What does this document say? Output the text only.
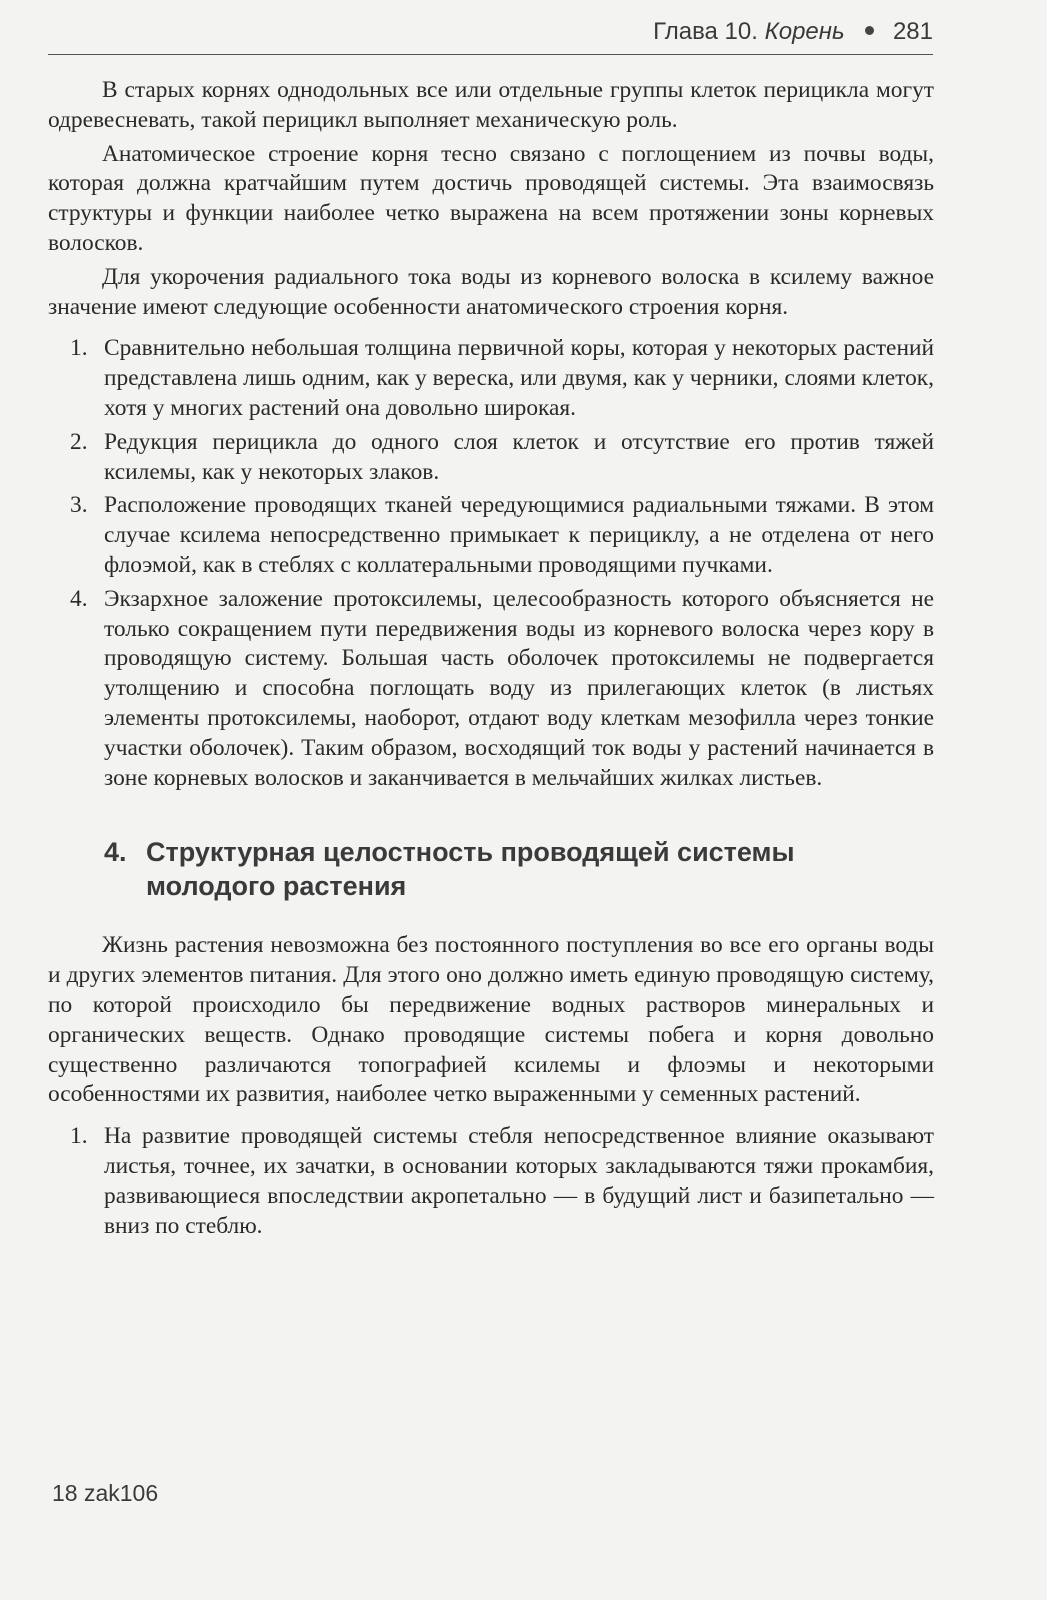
Глава 10. Корень 281

В старых корнях однодольных все или отдельные группы клеток перицикла могут одревесневать, такой перицикл выполняет механическую роль.

Анатомическое строение корня тесно связано с поглощением из почвы воды, которая должна кратчайшим путем достичь проводящей системы. Эта взаимосвязь структуры и функции наиболее четко выражена на всем протяжении зоны корневых волосков.

Для укорочения радиального тока воды из корневого волоска в ксилему важное значение имеют следующие особенности анатомического строения корня.

1. Сравнительно небольшая толщина первичной коры, которая у некоторых растений представлена лишь одним, как у вереска, или двумя, как у черники, слоями клеток, хотя у многих растений она довольно широкая.
2. Редукция перицикла до одного слоя клеток и отсутствие его против тяжей ксилемы, как у некоторых злаков.
3. Расположение проводящих тканей чередующимися радиальными тяжами. В этом случае ксилема непосредственно примыкает к перициклу, а не отделена от него флоэмой, как в стеблях с коллатеральными проводящими пучками.
4. Экзархное заложение протоксилемы, целесообразность которого объясняется не только сокращением пути передвижения воды из корневого волоска через кору в проводящую систему. Большая часть оболочек протоксилемы не подвергается утолщению и способна поглощать воду из прилегающих клеток (в листьях элементы протоксилемы, наоборот, отдают воду клеткам мезофилла через тонкие участки оболочек). Таким образом, восходящий ток воды у растений начинается в зоне корневых волосков и заканчивается в мельчайших жилках листьев.
4. Структурная целостность проводящей системы молодого растения

Жизнь растения невозможна без постоянного поступления во все его органы воды и других элементов питания. Для этого оно должно иметь единую проводящую систему, по которой происходило бы передвижение водных растворов минеральных и органических веществ. Однако проводящие системы побега и корня довольно существенно различаются топографией ксилемы и флоэмы и некоторыми особенностями их развития, наиболее четко выраженными у семенных растений.

1. На развитие проводящей системы стебля непосредственное влияние оказывают листья, точнее, их зачатки, в основании которых закладываются тяжи прокамбия, развивающиеся впоследствии акропетально — в будущий лист и базипетально — вниз по стеблю.
18 zak106
